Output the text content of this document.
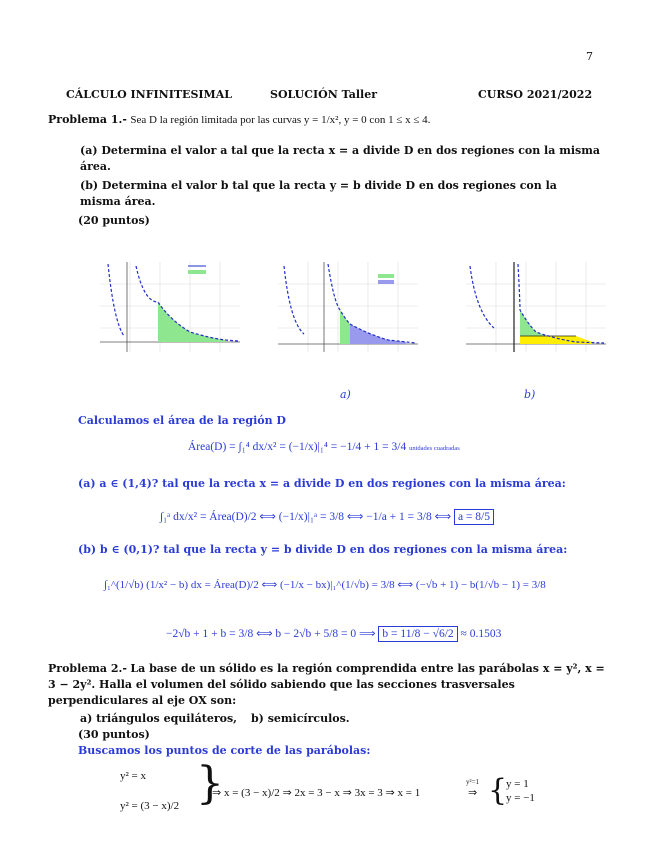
7
CÁLCULO INFINITESIMAL	SOLUCIÓN Taller	CURSO 2021/2022
Problema 1.- Sea D la región limitada por las curvas y = 1/x², y = 0 con 1 ≤ x ≤ 4.
(a) Determina el valor a tal que la recta x = a divide D en dos regiones con la misma área.
(b) Determina el valor b tal que la recta y = b divide D en dos regiones con la misma área.
(20 puntos)
a)	b)
Calculamos el área de la región D
Área(D) = ∫₁⁴ dx/x² = (−1/x)|₁⁴ = −1/4 + 1 = 3/4 unidades cuadradas
(a) a ∈ (1,4)? tal que la recta x = a divide D en dos regiones con la misma área:
∫₁ᵃ dx/x² = Área(D)/2 ⟺ (−1/x)|₁ᵃ = 3/8 ⟺ −1/a + 1 = 3/8 ⟺ a = 8/5
(b) b ∈ (0,1)? tal que la recta y = b divide D en dos regiones con la misma área:
∫₁^(1/√b) (1/x² − b) dx = Área(D)/2 ⟺ (−1/x − bx)|₁^(1/√b) = 3/8 ⟺ (−√b + 1) − b(1/√b − 1) = 3/8
−2√b + 1 + b = 3/8 ⟺ b − 2√b + 5/8 = 0 ⟹ b = 11/8 − √6/2 ≈ 0.1503
Problema 2.- La base de un sólido es la región comprendida entre las parábolas x = y², x = 3 − 2y². Halla el volumen del sólido sabiendo que las secciones trasversales perpendiculares al eje OX son:
a) triángulos equiláteros, b) semicírculos.
(30 puntos)
Buscamos los puntos de corte de las parábolas:
y² = x
y² = (3 − x)/2 }
⇒ x = (3 − x)/2 ⇒ 2x = 3 − x ⇒ 3x = 3 ⇒ x = 1
y²=1
⇒ {
y = 1
y = −1
